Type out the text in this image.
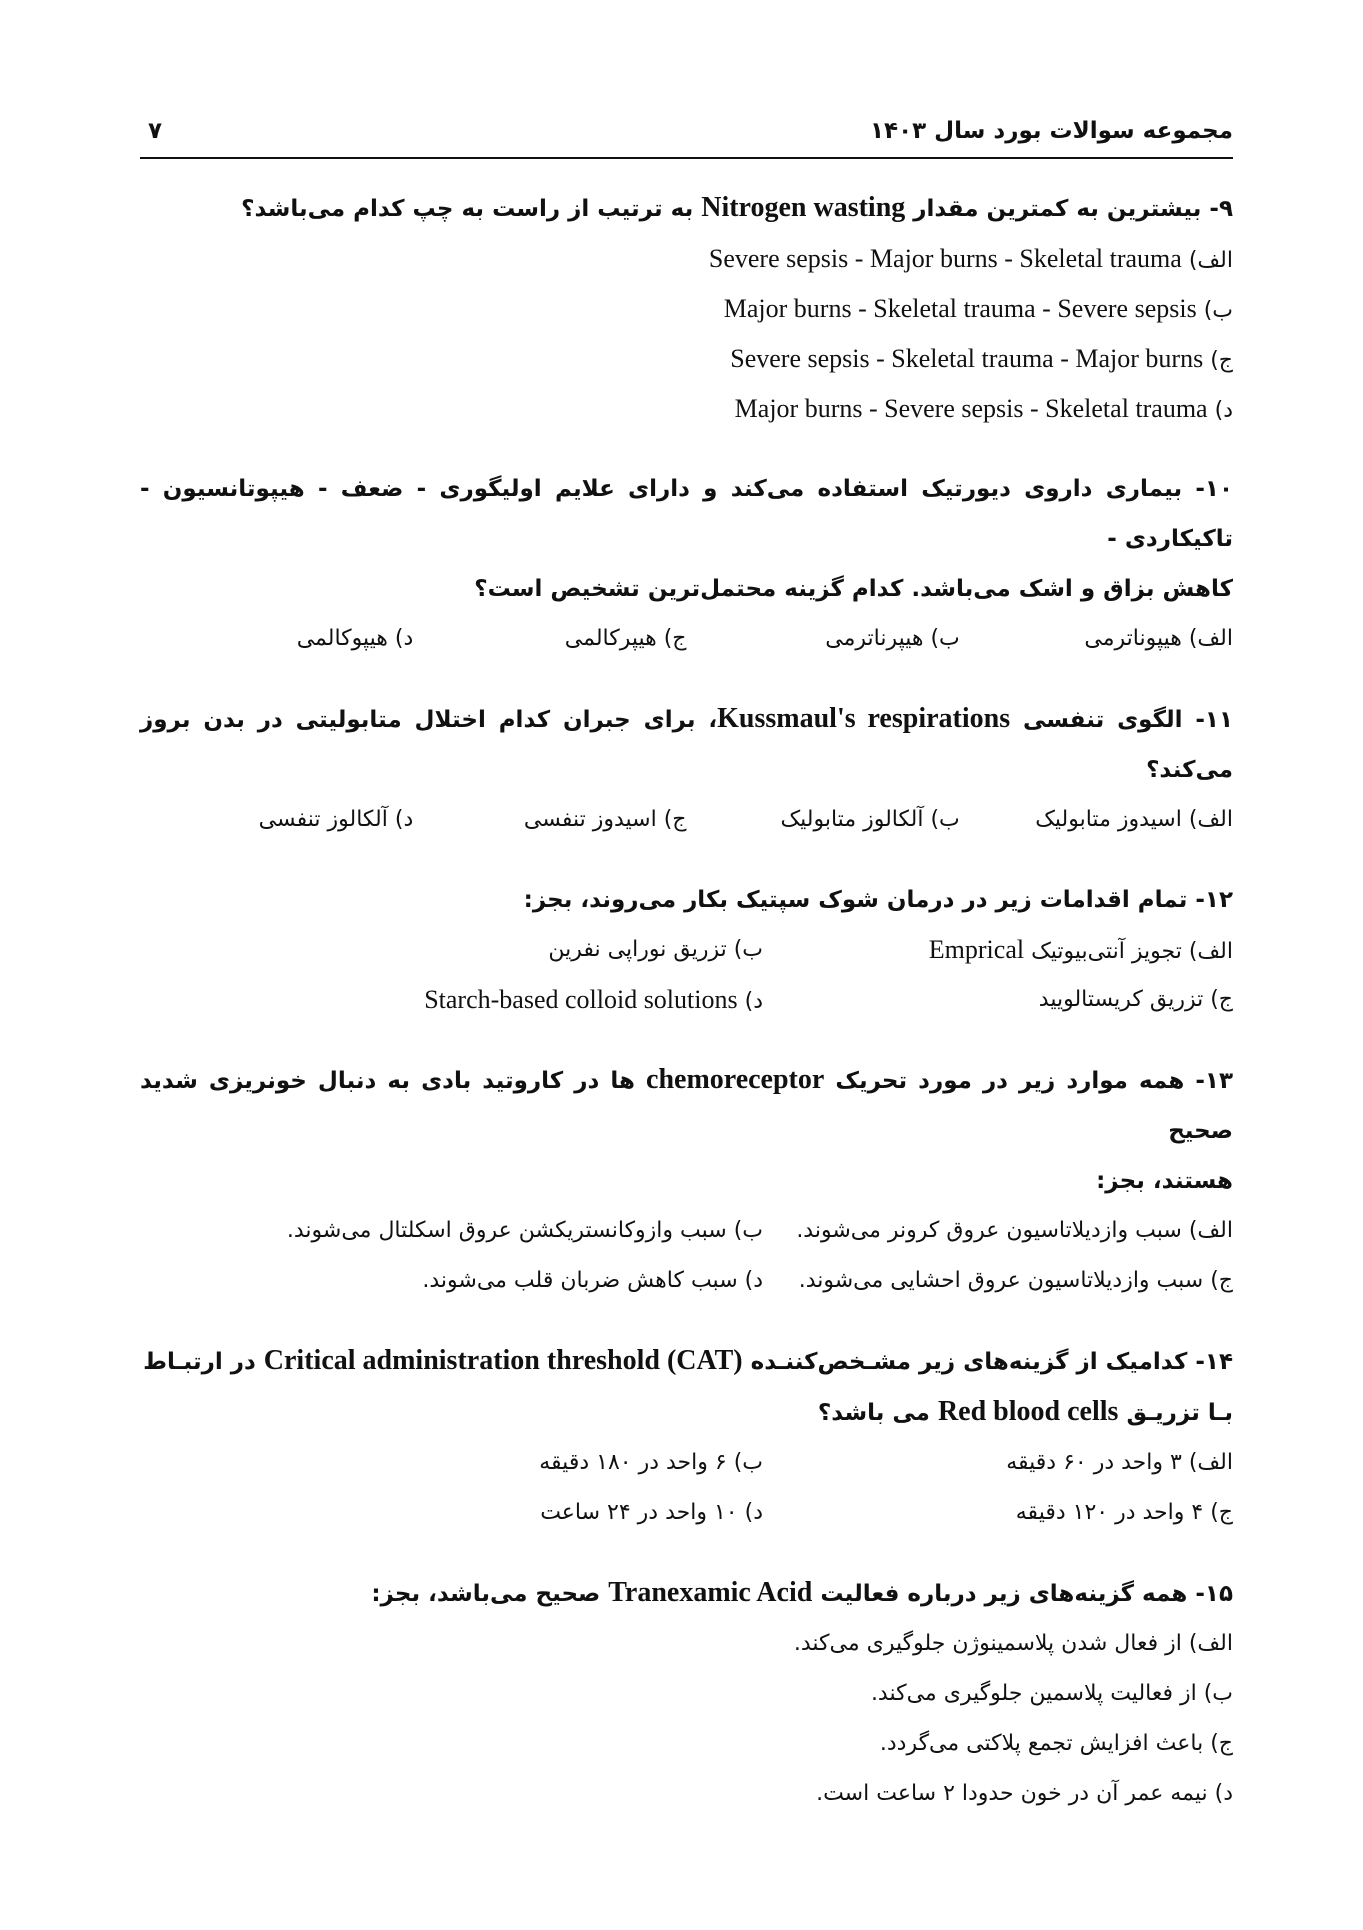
مجموعه سوالات بورد سال ۱۴۰۳
۷
۹- بیشترین به کمترین مقدار Nitrogen wasting به ترتیب از راست به چپ کدام می‌باشد؟
الف) Severe sepsis - Major burns - Skeletal trauma
ب) Major burns - Skeletal trauma - Severe sepsis
ج) Severe sepsis - Skeletal trauma - Major burns
د) Major burns - Severe sepsis - Skeletal trauma
۱۰- بیماری داروی دیورتیک استفاده می‌کند و دارای علایم اولیگوری - ضعف - هیپوتانسیون - تاکیکاردی -
کاهش بزاق و اشک می‌باشد. کدام گزینه محتمل‌ترین تشخیص است؟
الف) هیپوناترمی
ب) هیپرناترمی
ج) هیپرکالمی
د) هیپوکالمی
۱۱- الگوی تنفسی Kussmaul's respirations، برای جبران کدام اختلال متابولیتی در بدن بروز می‌کند؟
الف) اسیدوز متابولیک
ب) آلکالوز متابولیک
ج) اسیدوز تنفسی
د) آلکالوز تنفسی
۱۲- تمام اقدامات زیر در درمان شوک سپتیک بکار می‌روند، بجز:
الف) تجویز آنتی‌بیوتیک Emprical
ب) تزریق نوراپی نفرین
ج) تزریق کریستالویید
د) Starch-based colloid solutions
۱۳- همه موارد زیر در مورد تحریک chemoreceptor ها در کاروتید بادی به دنبال خونریزی شدید صحیح
هستند، بجز:
الف) سبب وازدیلاتاسیون عروق کرونر می‌شوند.
ب) سبب وازوکانستریکشن عروق اسکلتال می‌شوند.
ج) سبب وازدیلاتاسیون عروق احشایی می‌شوند.
د) سبب کاهش ضربان قلب می‌شوند.
۱۴- کدامیک از گزینه‌های زیر مشـخص‌کننـده Critical administration threshold (CAT) در ارتبـاط
بـا تزریـق Red blood cells می باشد؟
الف) ۳ واحد در ۶۰ دقیقه
ب) ۶ واحد در ۱۸۰ دقیقه
ج) ۴ واحد در ۱۲۰ دقیقه
د) ۱۰ واحد در ۲۴ ساعت
۱۵- همه گزینه‌های زیر درباره فعالیت Tranexamic Acid صحیح می‌باشد، بجز:
الف) از فعال شدن پلاسمینوژن جلوگیری می‌کند.
ب) از فعالیت پلاسمین جلوگیری می‌کند.
ج) باعث افزایش تجمع پلاکتی می‌گردد.
د) نیمه عمر آن در خون حدودا ۲ ساعت است.
